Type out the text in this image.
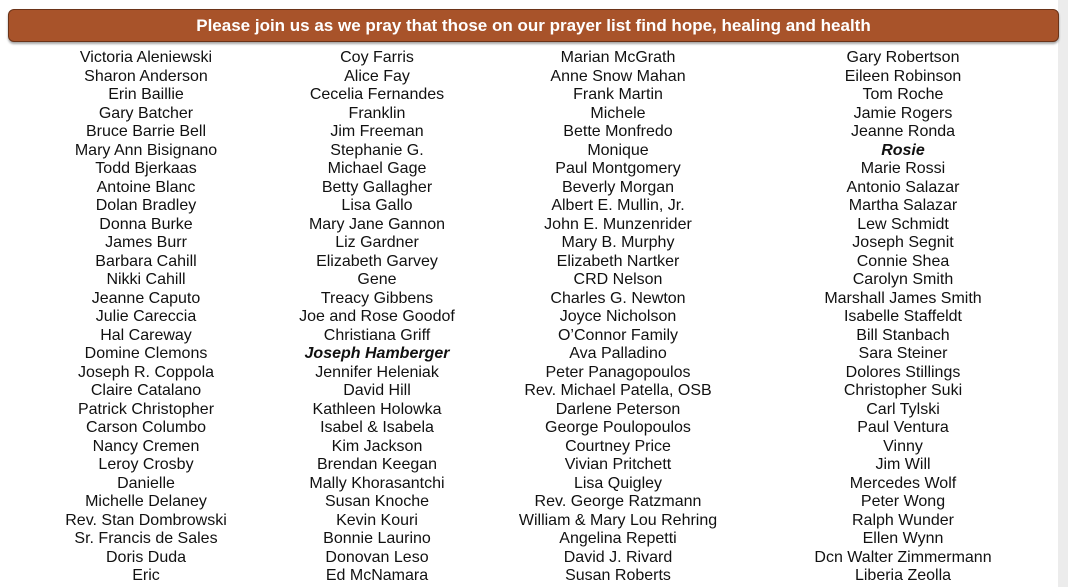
Please join us as we pray that those on our prayer list find hope, healing and health
Victoria Aleniewski
Sharon Anderson
Erin Baillie
Gary Batcher
Bruce Barrie Bell
Mary Ann Bisignano
Todd Bjerkaas
Antoine Blanc
Dolan Bradley
Donna Burke
James Burr
Barbara Cahill
Nikki Cahill
Jeanne Caputo
Julie Careccia
Hal Careway
Domine Clemons
Joseph R. Coppola
Claire Catalano
Patrick Christopher
Carson Columbo
Nancy Cremen
Leroy Crosby
Danielle
Michelle Delaney
Rev. Stan Dombrowski
Sr. Francis de Sales
Doris Duda
Eric
Coy Farris
Alice Fay
Cecelia Fernandes
Franklin
Jim Freeman
Stephanie G.
Michael Gage
Betty Gallagher
Lisa Gallo
Mary Jane Gannon
Liz Gardner
Elizabeth Garvey
Gene
Treacy Gibbens
Joe and Rose Goodof
Christiana Griff
Joseph Hamberger
Jennifer Heleniak
David Hill
Kathleen Holowka
Isabel & Isabela
Kim Jackson
Brendan Keegan
Mally Khorasantchi
Susan Knoche
Kevin Kouri
Bonnie Laurino
Donovan Leso
Ed McNamara
Marian McGrath
Anne Snow Mahan
Frank Martin
Michele
Bette Monfredo
Monique
Paul Montgomery
Beverly Morgan
Albert E. Mullin, Jr.
John E. Munzenrider
Mary B. Murphy
Elizabeth Nartker
CRD Nelson
Charles G. Newton
Joyce Nicholson
O’Connor Family
Ava Palladino
Peter Panagopoulos
Rev. Michael Patella, OSB
Darlene Peterson
George Poulopoulos
Courtney Price
Vivian Pritchett
Lisa Quigley
Rev. George Ratzmann
William & Mary Lou Rehring
Angelina Repetti
David J. Rivard
Susan Roberts
Gary Robertson
Eileen Robinson
Tom Roche
Jamie Rogers
Jeanne Ronda
Rosie
Marie Rossi
Antonio Salazar
Martha Salazar
Lew Schmidt
Joseph Segnit
Connie Shea
Carolyn Smith
Marshall James Smith
Isabelle Staffeldt
Bill Stanbach
Sara Steiner
Dolores Stillings
Christopher Suki
Carl Tylski
Paul Ventura
Vinny
Jim Will
Mercedes Wolf
Peter Wong
Ralph Wunder
Ellen Wynn
Dcn Walter Zimmermann
Liberia Zeolla
